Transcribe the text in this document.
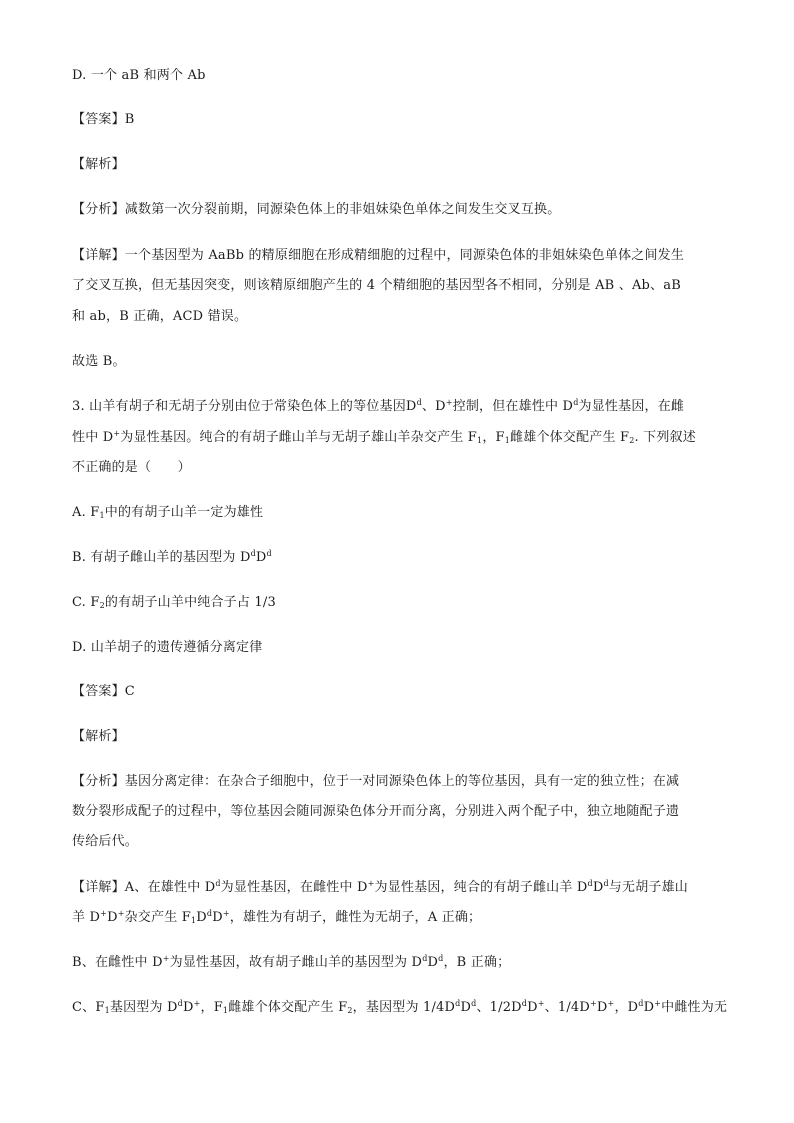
D. 一个 aB 和两个 Ab
【答案】B
【解析】
【分析】减数第一次分裂前期，同源染色体上的非姐妹染色单体之间发生交叉互换。
【详解】一个基因型为 AaBb 的精原细胞在形成精细胞的过程中，同源染色体的非姐妹染色单体之间发生
了交叉互换，但无基因突变，则该精原细胞产生的 4 个精细胞的基因型各不相同，分别是 AB 、Ab、aB
和 ab，B 正确，ACD 错误。
故选 B。
3. 山羊有胡子和无胡子分别由位于常染色体上的等位基因$D^d$、D+控制，但在雄性中 $D^d$为显性基因，在雌
性中 D+为显性基因。纯合的有胡子雌山羊与无胡子雄山羊杂交产生 $F_1$，$F_1$雌雄个体交配产生 $F_2$. 下列叙述
不正确的是（　　）
A. $F_1$中的有胡子山羊一定为雄性
B. 有胡子雌山羊的基因型为 $D^dD^d$
C. $F_2$的有胡子山羊中纯合子占 1/3
D. 山羊胡子的遗传遵循分离定律
【答案】C
【解析】
【分析】基因分离定律：在杂合子细胞中，位于一对同源染色体上的等位基因，具有一定的独立性；在减
数分裂形成配子的过程中，等位基因会随同源染色体分开而分离，分别进入两个配子中，独立地随配子遗
传给后代。
【详解】A、在雄性中 $D^d$为显性基因，在雌性中 D+为显性基因，纯合的有胡子雌山羊 $D^dD^d$与无胡子雄山
羊 D+D+杂交产生 $F_1D^dD^+$，雄性为有胡子，雌性为无胡子，A 正确；
B、在雌性中 D+为显性基因，故有胡子雌山羊的基因型为 $D^dD^d$，B 正确；
C、$F_1$基因型为 $D^dD^+$，$F_1$雌雄个体交配产生 $F_2$，基因型为 $1/4D^dD^d$、$1/2D^dD^+$、1/4D+D+，$D^dD^+$中雌性为无
